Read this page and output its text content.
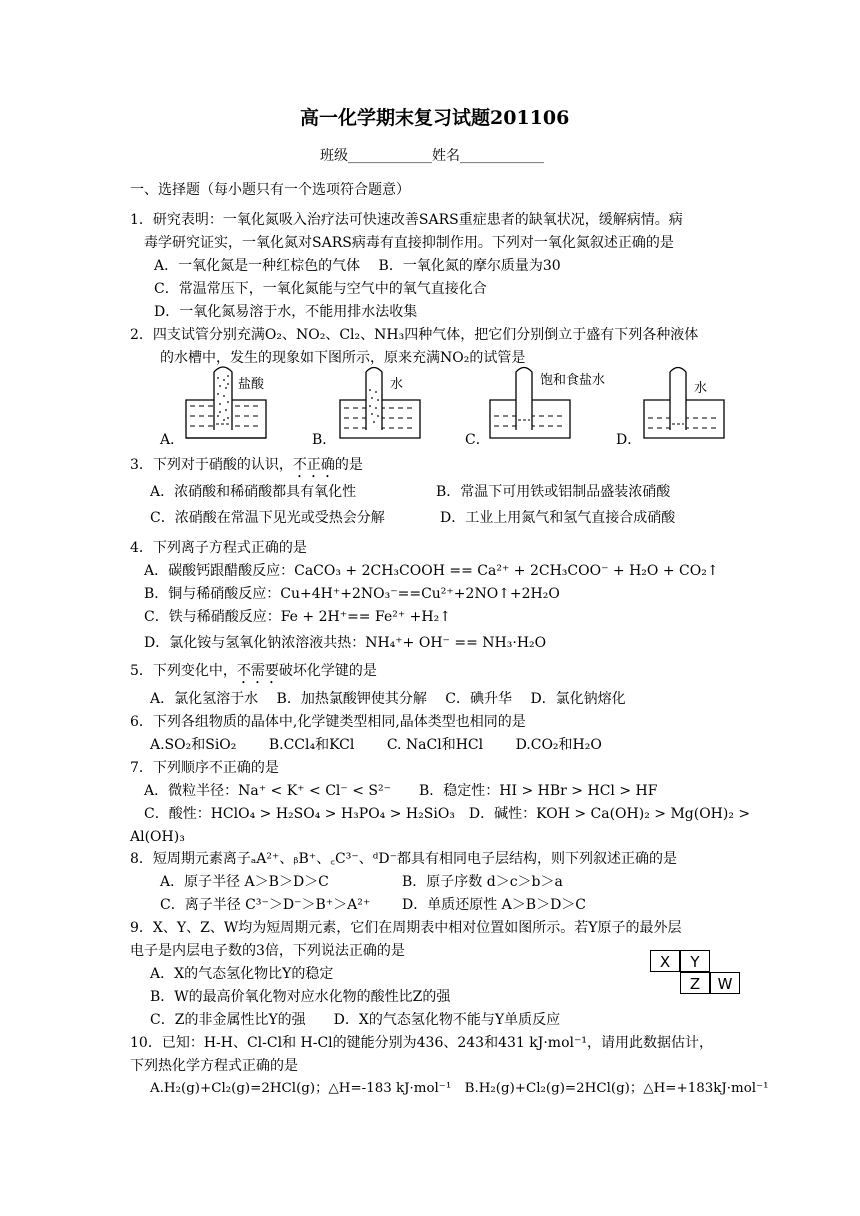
高一化学期末复习试题201106
班级____________姓名____________
一、选择题（每小题只有一个选项符合题意）
1．研究表明：一氧化氮吸入治疗法可快速改善SARS重症患者的缺氧状况，缓解病情。病
毒学研究证实，一氧化氮对SARS病毒有直接抑制作用。下列对一氧化氮叙述正确的是
A．一氧化氮是一种红棕色的气体　 B．一氧化氮的摩尔质量为30
C．常温常压下，一氧化氮能与空气中的氧气直接化合
D．一氧化氮易溶于水，不能用排水法收集
2．四支试管分别充满O₂、NO₂、Cl₂、NH₃四种气体，把它们分别倒立于盛有下列各种液体
的水槽中，发生的现象如下图所示，原来充满NO₂的试管是
盐酸	水	饱和食盐水
水
A．	B．	C．	D．
3．下列对于硝酸的认识，不正确的是
A．浓硝酸和稀硝酸都具有氧化性	B．常温下可用铁或铝制品盛装浓硝酸
C．浓硝酸在常温下见光或受热会分解	D．工业上用氮气和氢气直接合成硝酸
4．下列离子方程式正确的是
A．碳酸钙跟醋酸反应：CaCO₃ + 2CH₃COOH == Ca²⁺ + 2CH₃COO⁻ + H₂O + CO₂↑
B．铜与稀硝酸反应：Cu+4H⁺+2NO₃⁻==Cu²⁺+2NO↑+2H₂O
C．铁与稀硝酸反应：Fe + 2H⁺== Fe²⁺ +H₂↑
D．氯化铵与氢氧化钠浓溶液共热：NH₄⁺+ OH⁻ == NH₃·H₂O
5．下列变化中，不需要破坏化学键的是
A．氯化氢溶于水　 B．加热氯酸钾使其分解　 C．碘升华　 D．氯化钠熔化
6．下列各组物质的晶体中,化学键类型相同,晶体类型也相同的是
A.SO₂和SiO₂　　 B.CCl₄和KCl　　 C. NaCl和HCl　　 D.CO₂和H₂O
7．下列顺序不正确的是
A．微粒半径：Na⁺ < K⁺ < Cl⁻ < S²⁻　　B．稳定性：HI > HBr > HCl > HF
C．酸性：HClO₄ > H₂SO₄ > H₃PO₄ > H₂SiO₃　D．碱性：KOH > Ca(OH)₂ > Mg(OH)₂ >
Al(OH)₃
8．短周期元素离子ₐA²⁺、ᵦB⁺、꜀C³⁻、ᵈD⁻都具有相同电子层结构，则下列叙述正确的是
A．原子半径 A＞B＞D＞C	B．原子序数 d＞c＞b＞a
C．离子半径 C³⁻＞D⁻＞B⁺＞A²⁺ D．单质还原性 A＞B＞D＞C
9．X、Y、Z、W均为短周期元素，它们在周期表中相对位置如图所示。若Y原子的最外层
电子是内层电子数的3倍，下列说法正确的是
A．X的气态氢化物比Y的稳定
B．W的最高价氧化物对应水化物的酸性比Z的强
C．Z的非金属性比Y的强　　D．X的气态氢化物不能与Y单质反应
X	Y
Z	W
10．已知：H-H、Cl-Cl和 H-Cl的键能分别为436、243和431 kJ·mol⁻¹，请用此数据估计，
下列热化学方程式正确的是
A.H₂(g)+Cl₂(g)=2HCl(g)；△H=-183 kJ·mol⁻¹　B.H₂(g)+Cl₂(g)=2HCl(g)；△H=+183kJ·mol⁻¹
